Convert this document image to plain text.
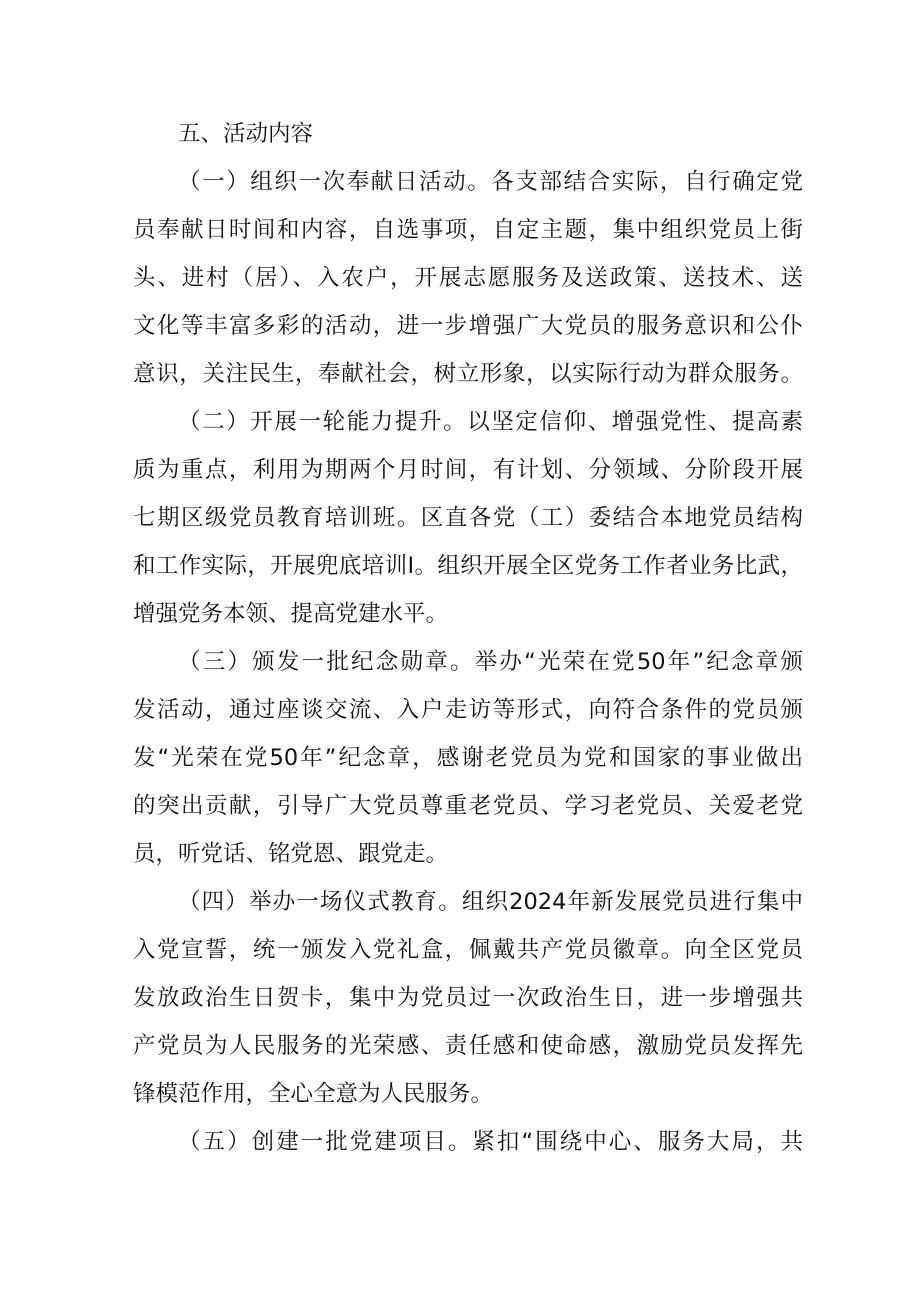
五、活动内容
（一）组织一次奉献日活动。各支部结合实际，自行确定党
员奉献日时间和内容，自选事项，自定主题，集中组织党员上街
头、进村（居）、入农户，开展志愿服务及送政策、送技术、送
文化等丰富多彩的活动，进一步增强广大党员的服务意识和公仆
意识，关注民生，奉献社会，树立形象，以实际行动为群众服务。
（二）开展一轮能力提升。以坚定信仰、增强党性、提高素
质为重点，利用为期两个月时间，有计划、分领域、分阶段开展
七期区级党员教育培训班。区直各党（工）委结合本地党员结构
和工作实际，开展兜底培训I。组织开展全区党务工作者业务比武，
增强党务本领、提高党建水平。
（三）颁发一批纪念勋章。举办“光荣在党50年”纪念章颁
发活动，通过座谈交流、入户走访等形式，向符合条件的党员颁
发“光荣在党50年”纪念章，感谢老党员为党和国家的事业做出
的突出贡献，引导广大党员尊重老党员、学习老党员、关爱老党
员，听党话、铭党恩、跟党走。
（四）举办一场仪式教育。组织2024年新发展党员进行集中
入党宣誓，统一颁发入党礼盒，佩戴共产党员徽章。向全区党员
发放政治生日贺卡，集中为党员过一次政治生日，进一步增强共
产党员为人民服务的光荣感、责任感和使命感，激励党员发挥先
锋模范作用，全心全意为人民服务。
（五）创建一批党建项目。紧扣“围绕中心、服务大局，共
